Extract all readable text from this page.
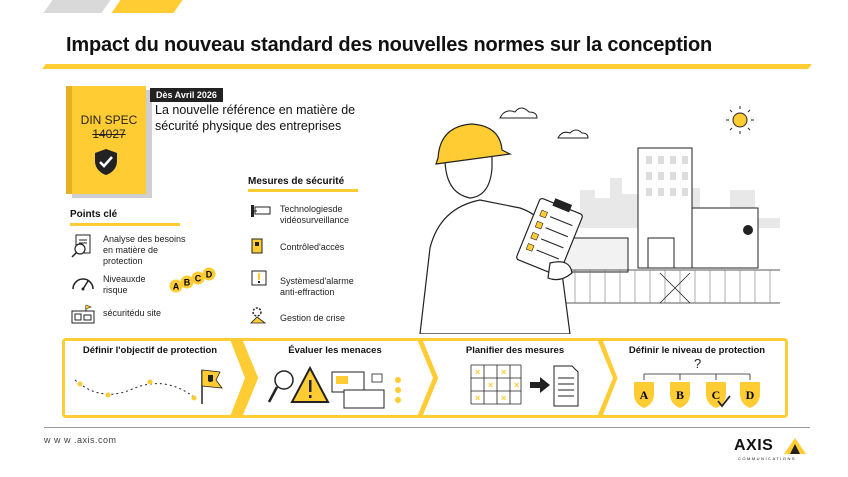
Impact du nouveau standard des nouvelles normes sur la conception
DIN SPEC
14027
Dès Avril 2026
La nouvelle référence en matière de sécurité physique des entreprises
Points clé
Analyse des besoins en matière de protection
Niveauxde risque	A B C D
sécuritédu site
Mesures de sécurité
Technologiesde vidéosurveillance
Contrôled'accès
Systèmesd'alarme anti-effraction
Gestion de crise
Définir l'objectif de protection	Évaluer les menaces	Planifier des mesures	Définir le niveau de protection
× ×
× ×
× ×
?
A B C D
w w w .axis.com	AXIS
COMMUNICATIONS
